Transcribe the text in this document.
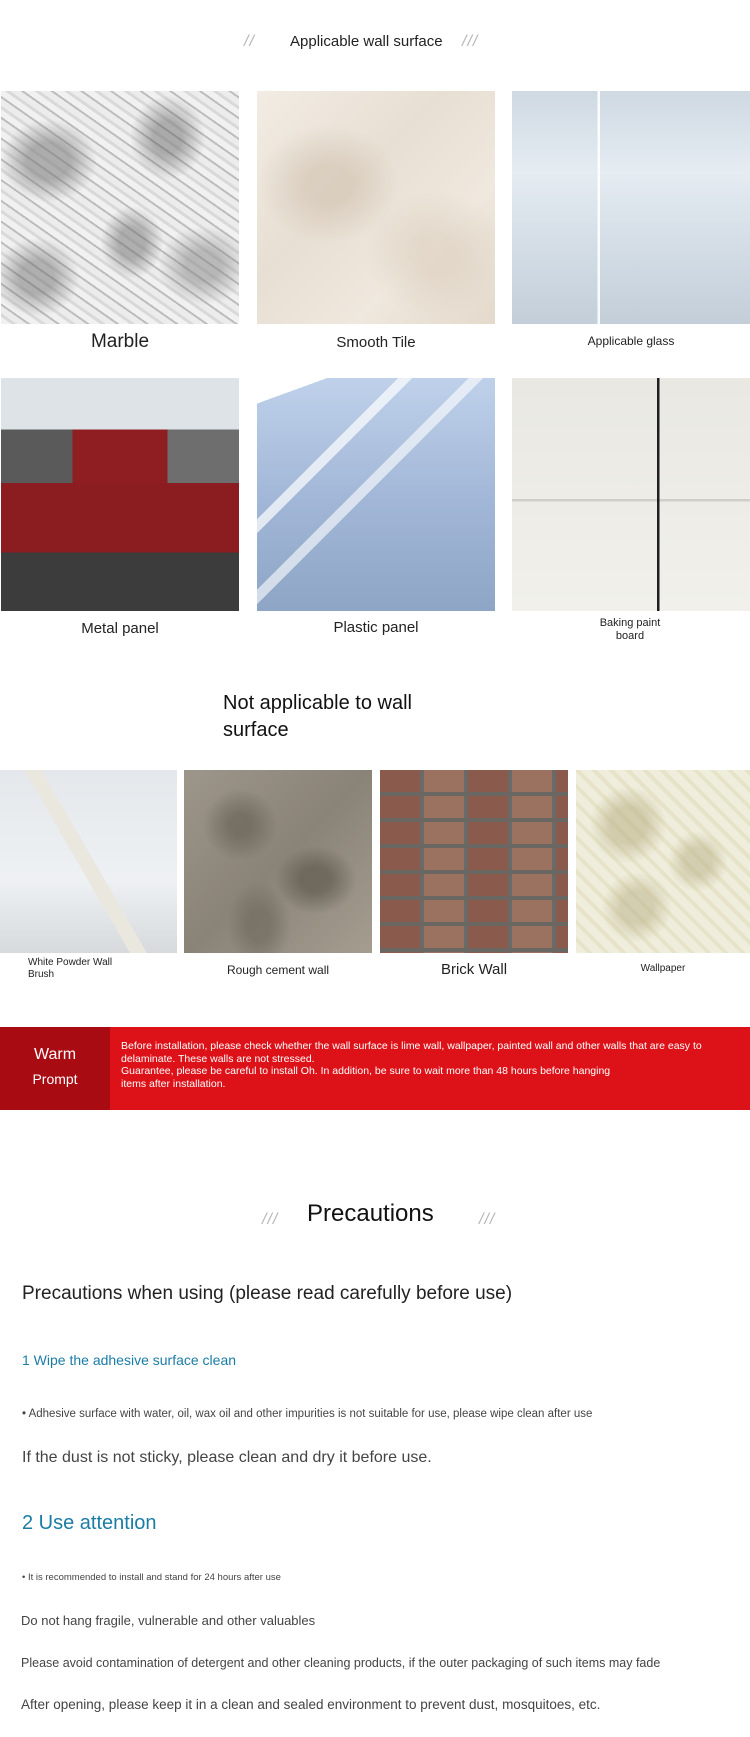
// Applicable wall surface ///
Marble	Smooth Tile	Applicable glass
Metal panel	Plastic panel	Baking paint board
Not applicable to wall surface
White Powder Wall Brush	Rough cement wall	Brick Wall	Wallpaper
Warm
Prompt
Before installation, please check whether the wall surface is lime wall, wallpaper, painted wall and other walls that are easy to delaminate. These walls are not stressed.
Guarantee, please be careful to install Oh. In addition, be sure to wait more than 48 hours before hanging items after installation.
/// Precautions	///
Precautions when using (please read carefully before use)
1 Wipe the adhesive surface clean
• Adhesive surface with water, oil, wax oil and other impurities is not suitable for use, please wipe clean after use
If the dust is not sticky, please clean and dry it before use.
2 Use attention
• It is recommended to install and stand for 24 hours after use
Do not hang fragile, vulnerable and other valuables
Please avoid contamination of detergent and other cleaning products, if the outer packaging of such items may fade
After opening, please keep it in a clean and sealed environment to prevent dust, mosquitoes, etc.
